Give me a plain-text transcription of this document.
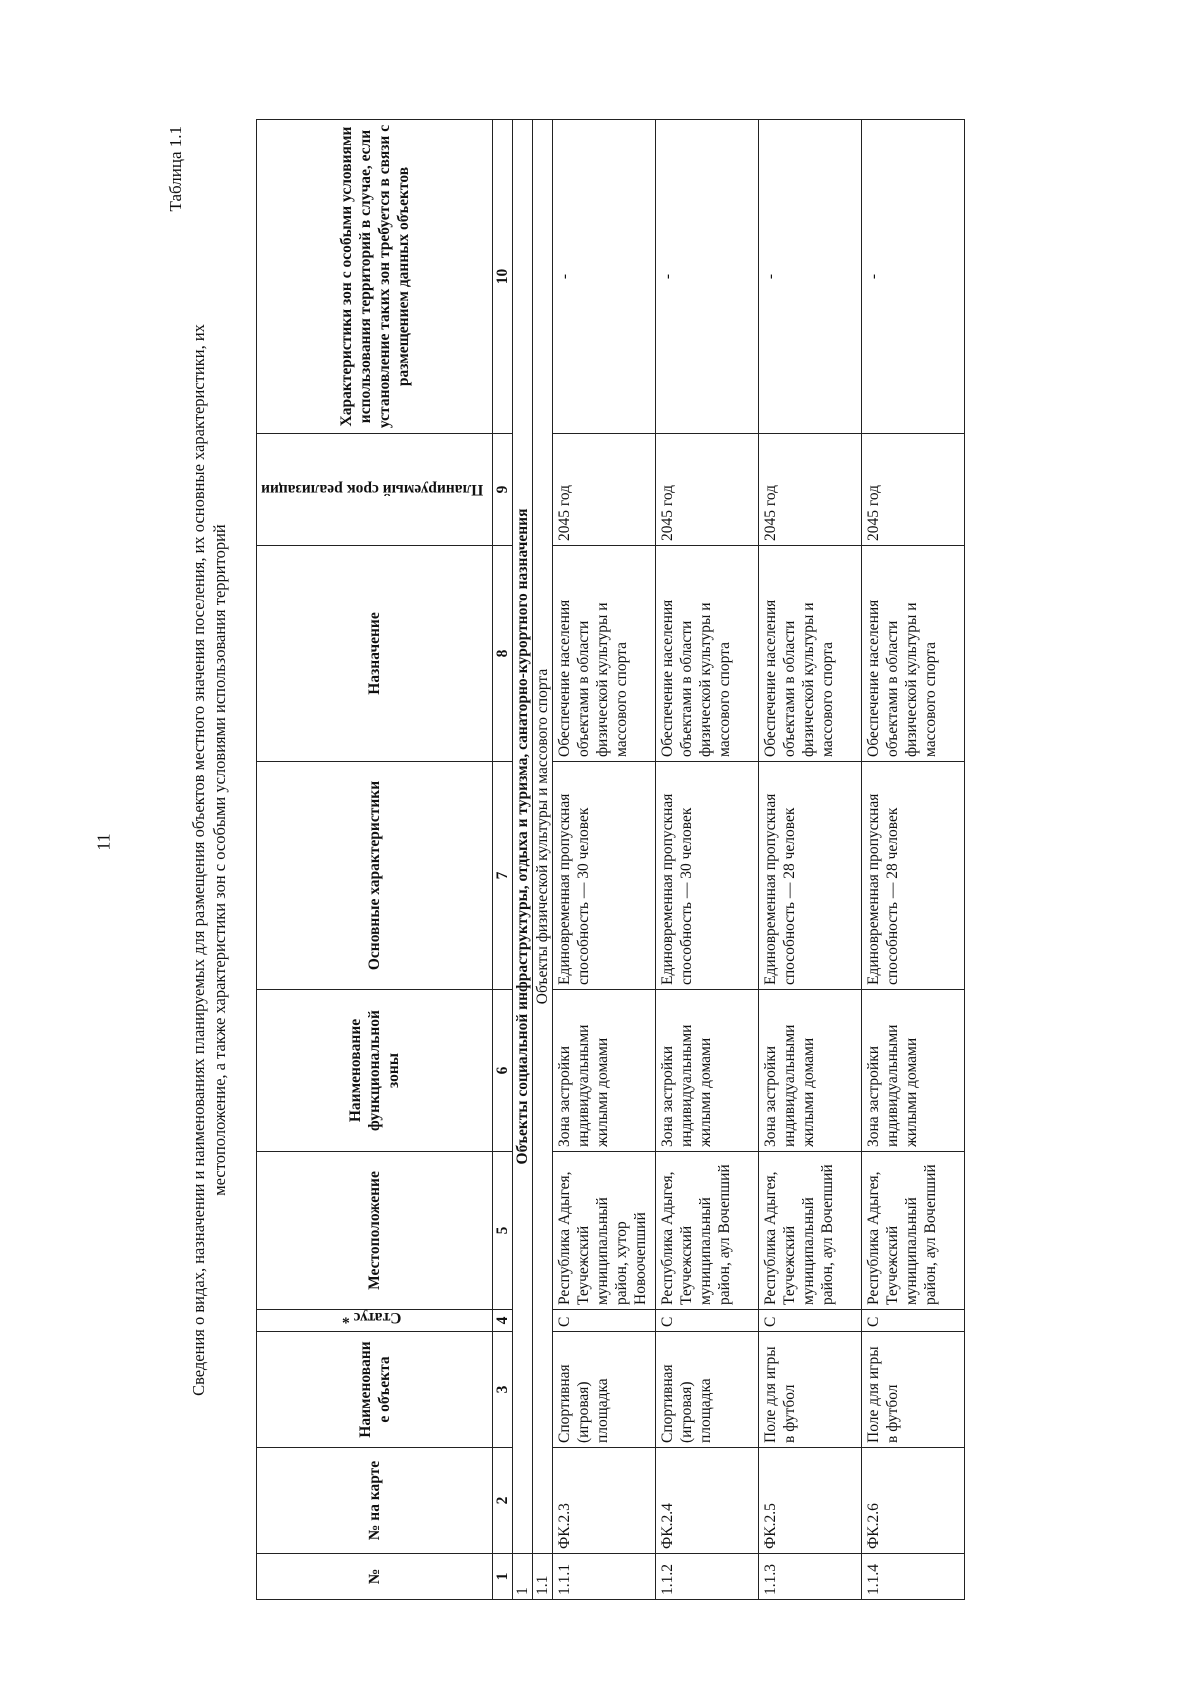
11
Таблица 1.1
Сведения о видах, назначении и наименованиях планируемых для размещения объектов местного значения поселения, их основные характеристики, их местоположение, а также характеристики зон с особыми условиями использования территорий
№	№ на карте	Наименовани е объекта	Статус *	Местоположение	Наименование функциональной зоны	Основные характеристики	Назначение	Планируемый срок реализации	Характеристики зон с особыми условиями использования территорий в случае, если установление таких зон требуется в связи с размещением данных объектов
1	2	3	4	5	6	7	8	9	10
1	Объекты социальной инфраструктуры, отдыха и туризма, санаторно-курортного назначения								
1.1	Объекты физической культуры и массового спорта								
1.1.1	ФК.2.3	Спортивная (игровая) площадка	С	Республика Адыгея, Теучежский муниципальный район, хутор Новоочепший	Зона застройки индивидуальными жилыми домами	Единовременная пропускная способность — 30 человек	Обеспечение населения объектами в области физической культуры и массового спорта	2045 год	-
1.1.2	ФК.2.4	Спортивная (игровая) площадка	С	Республика Адыгея, Теучежский муниципальный район, аул Вочепший	Зона застройки индивидуальными жилыми домами	Единовременная пропускная способность — 30 человек	Обеспечение населения объектами в области физической культуры и массового спорта	2045 год	-
1.1.3	ФК.2.5	Поле для игры в футбол	С	Республика Адыгея, Теучежский муниципальный район, аул Вочепший	Зона застройки индивидуальными жилыми домами	Единовременная пропускная способность — 28 человек	Обеспечение населения объектами в области физической культуры и массового спорта	2045 год	-
1.1.4	ФК.2.6	Поле для игры в футбол	С	Республика Адыгея, Теучежский муниципальный район, аул Вочепший	Зона застройки индивидуальными жилыми домами	Единовременная пропускная способность — 28 человек	Обеспечение населения объектами в области физической культуры и массового спорта	2045 год	-
